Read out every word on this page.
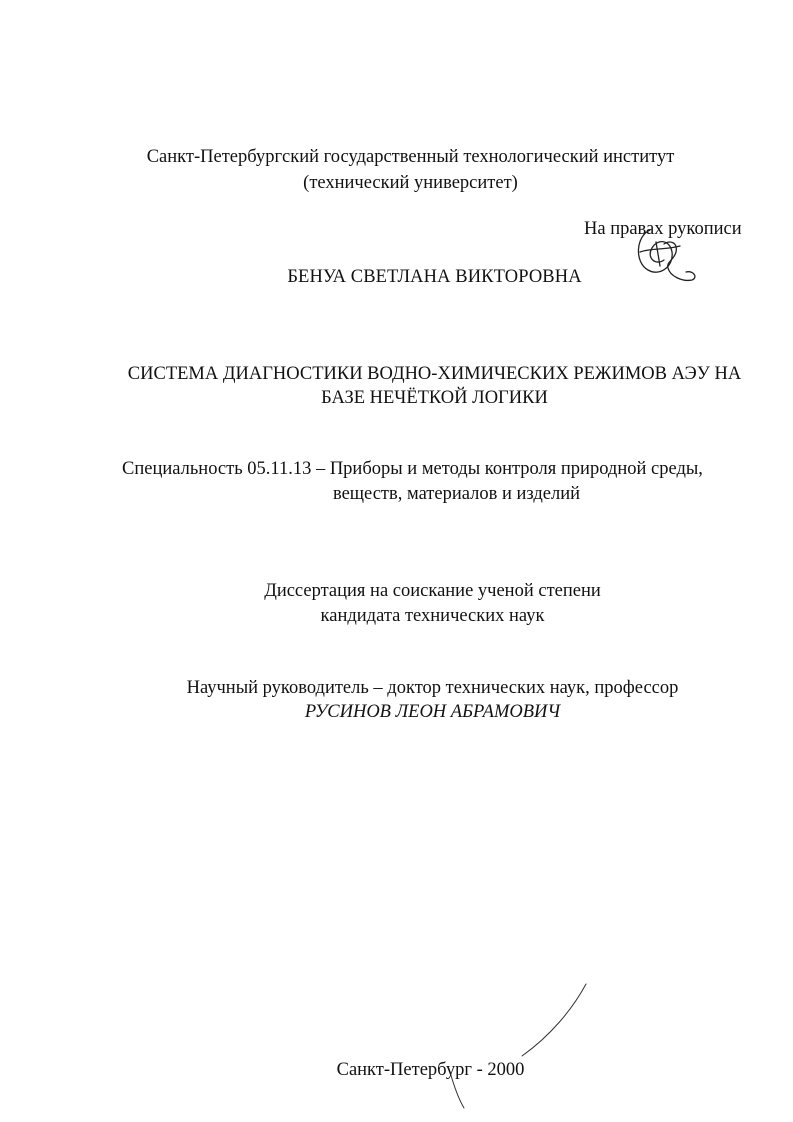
Санкт-Петербургский государственный технологический институт
(технический университет)
На правах рукописи
БЕНУА СВЕТЛАНА ВИКТОРОВНА
СИСТЕМА ДИАГНОСТИКИ ВОДНО-ХИМИЧЕСКИХ РЕЖИМОВ АЭУ НА
БАЗЕ НЕЧЁТКОЙ ЛОГИКИ
Специальность 05.11.13 – Приборы и методы контроля природной среды,
веществ, материалов и изделий
Диссертация на соискание ученой степени
кандидата технических наук
Научный руководитель – доктор технических наук, профессор
РУСИНОВ ЛЕОН АБРАМОВИЧ
Санкт-Петербург - 2000
